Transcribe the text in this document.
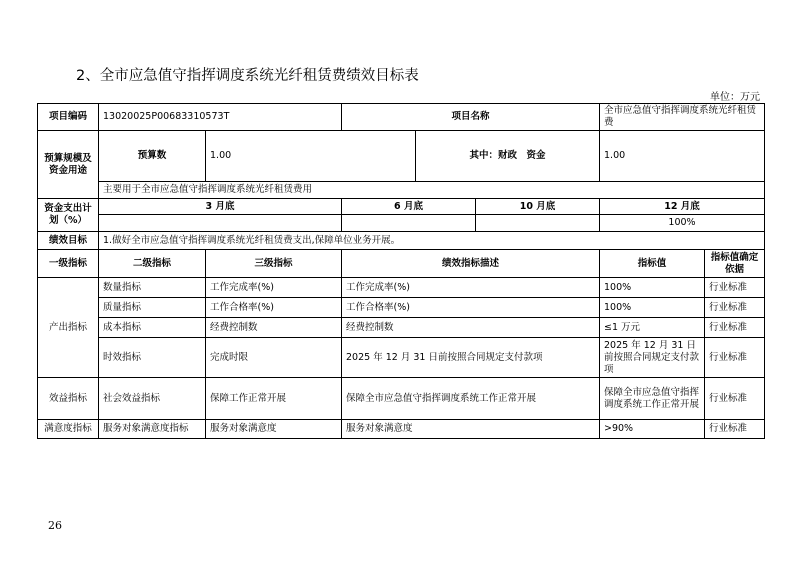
2、全市应急值守指挥调度系统光纤租赁费绩效目标表
单位：万元
项目编码	13020025P00683310573T		项目名称			全市应急值守指挥调度系统光纤租赁费		

预算规模及
资金用途	预算数	1.00		其中：财政　资金		1.00		
	主要用于全市应急值守指挥调度系统光纤租赁费用							

资金支出计
划（%）	3 月底		6 月底		10 月底	12 月底		
						100%		
绩效目标	1.做好全市应急值守指挥调度系统光纤租赁费支出,保障单位业务开展。							
一级指标	二级指标	三级指标	绩效指标描述			指标值	指标值确定
依据	

产出指标	数量指标	工作完成率(%)	工作完成率(%)			100%	行业标准	
	质量指标	工作合格率(%)	工作合格率(%)			100%	行业标准	
	成本指标	经费控制数	经费控制数			≤1 万元	行业标准	
	时效指标	完成时限	2025 年 12 月 31 日前按照合同规定支付款项			2025 年 12 月 31 日前按照合同规定支付款项	行业标准	
效益指标	社会效益指标	保障工作正常开展	保障全市应急值守指挥调度系统工作正常开展			保障全市应急值守指挥调度系统工作正常开展	行业标准	
满意度指标	服务对象满意度指标	服务对象满意度	服务对象满意度			>90%	行业标准	
26
